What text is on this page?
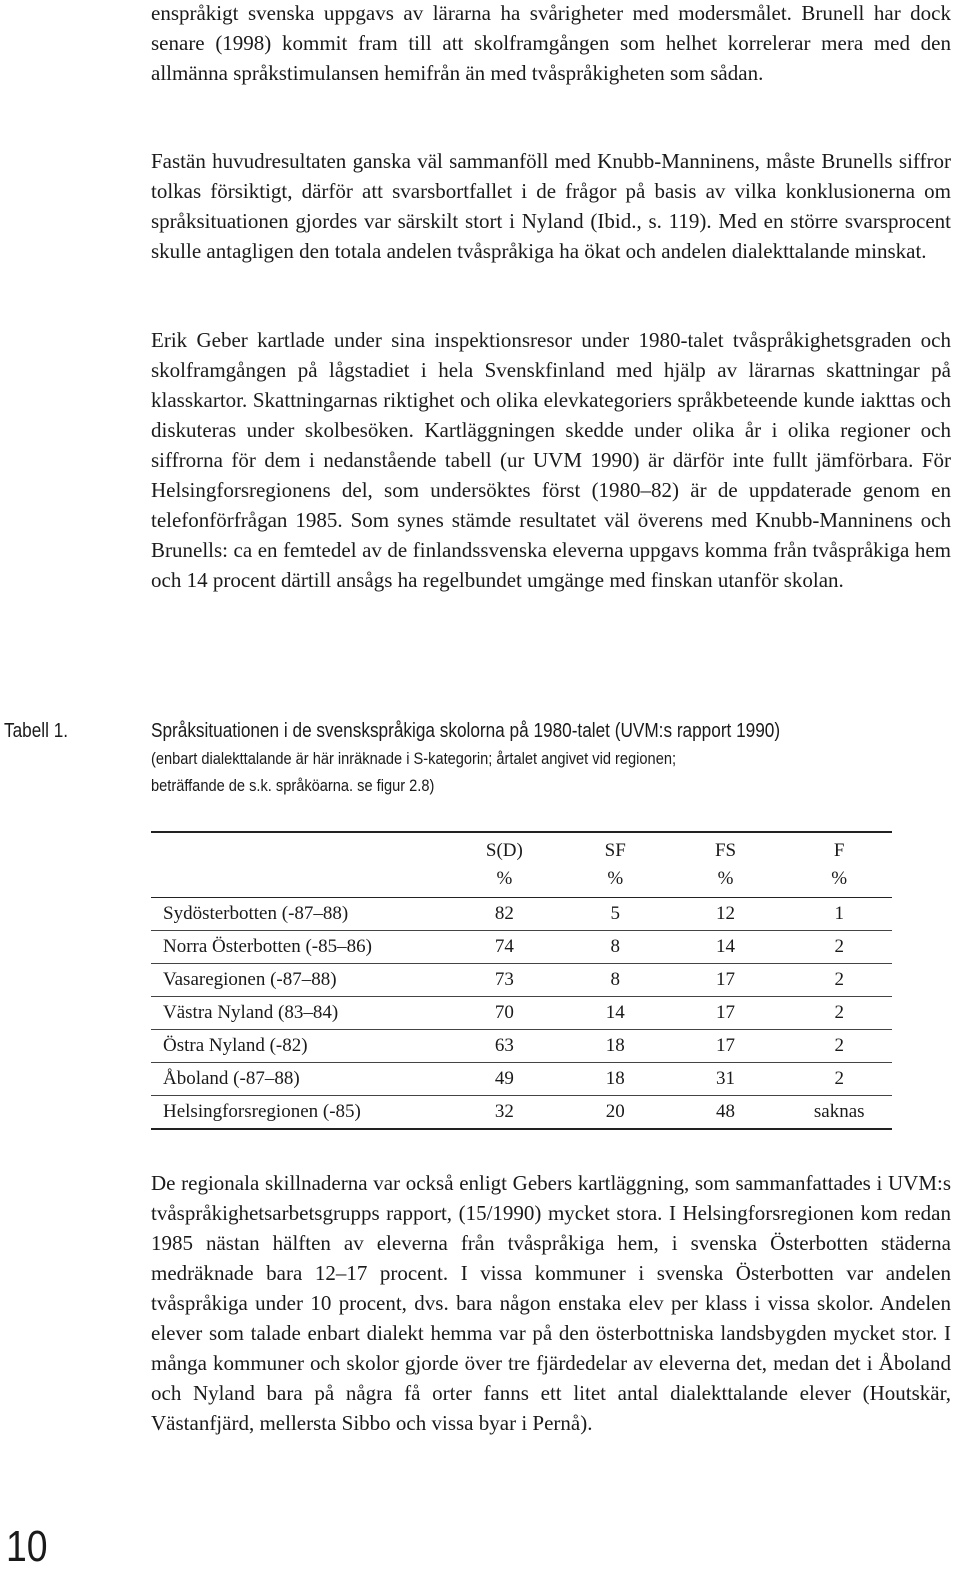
enspråkigt svenska uppgavs av lärarna ha svårigheter med modersmålet. Brunell har dock senare (1998) kommit fram till att skolframgången som helhet korrelerar mera med den allmänna språkstimulansen hemifrån än med tvåspråkigheten som sådan.

Fastän huvudresultaten ganska väl sammanföll med Knubb-Manninens, måste Brunells siffror tolkas försiktigt, därför att svarsbortfallet i de frågor på basis av vilka konklusionerna om språksituationen gjordes var särskilt stort i Nyland (Ibid., s. 119). Med en större svarsprocent skulle antagligen den totala andelen tvåspråkiga ha ökat och andelen dialekttalande minskat.

Erik Geber kartlade under sina inspektionsresor under 1980-talet tvåspråkighetsgraden och skolframgången på lågstadiet i hela Svenskfinland med hjälp av lärarnas skattningar på klasskartor. Skattningarnas riktighet och olika elevkategoriers språkbeteende kunde iakttas och diskuteras under skolbesöken. Kartläggningen skedde under olika år i olika regioner och siffrorna för dem i nedanstående tabell (ur UVM 1990) är därför inte fullt jämförbara. För Helsingforsregionens del, som undersöktes först (1980–82) är de uppdaterade genom en telefonförfrågan 1985. Som synes stämde resultatet väl överens med Knubb-Manninens och Brunells: ca en femtedel av de finlandssvenska eleverna uppgavs komma från tvåspråkiga hem och 14 procent därtill ansågs ha regelbundet umgänge med finskan utanför skolan.

Tabell 1.	Språksituationen i de svenskspråkiga skolorna på 1980-talet (UVM:s rapport 1990)
(enbart dialekttalande är här inräknade i S-kategorin; årtalet angivet vid regionen;
beträffande de s.k. språköarna. se figur 2.8)
	S(D)	SF	FS	F
	%	%	%	%
Sydösterbotten (-87–88)	82	5	12	1
Norra Österbotten (-85–86)	74	8	14	2
Vasaregionen (-87–88)	73	8	17	2
Västra Nyland (83–84)	70	14	17	2
Östra Nyland (-82)	63	18	17	2
Åboland (-87–88)	49	18	31	2
Helsingforsregionen (-85)	32	20	48	saknas

De regionala skillnaderna var också enligt Gebers kartläggning, som sammanfattades i UVM:s tvåspråkighetsarbetsgrupps rapport, (15/1990) mycket stora. I Helsingforsregionen kom redan 1985 nästan hälften av eleverna från tvåspråkiga hem, i svenska Österbotten städerna medräknade bara 12–17 procent. I vissa kommuner i svenska Österbotten var andelen tvåspråkiga under 10 procent, dvs. bara någon enstaka elev per klass i vissa skolor. Andelen elever som talade enbart dialekt hemma var på den österbottniska landsbygden mycket stor. I många kommuner och skolor gjorde över tre fjärdedelar av eleverna det, medan det i Åboland och Nyland bara på några få orter fanns ett litet antal dialekttalande elever (Houtskär, Västanfjärd, mellersta Sibbo och vissa byar i Pernå).

10
